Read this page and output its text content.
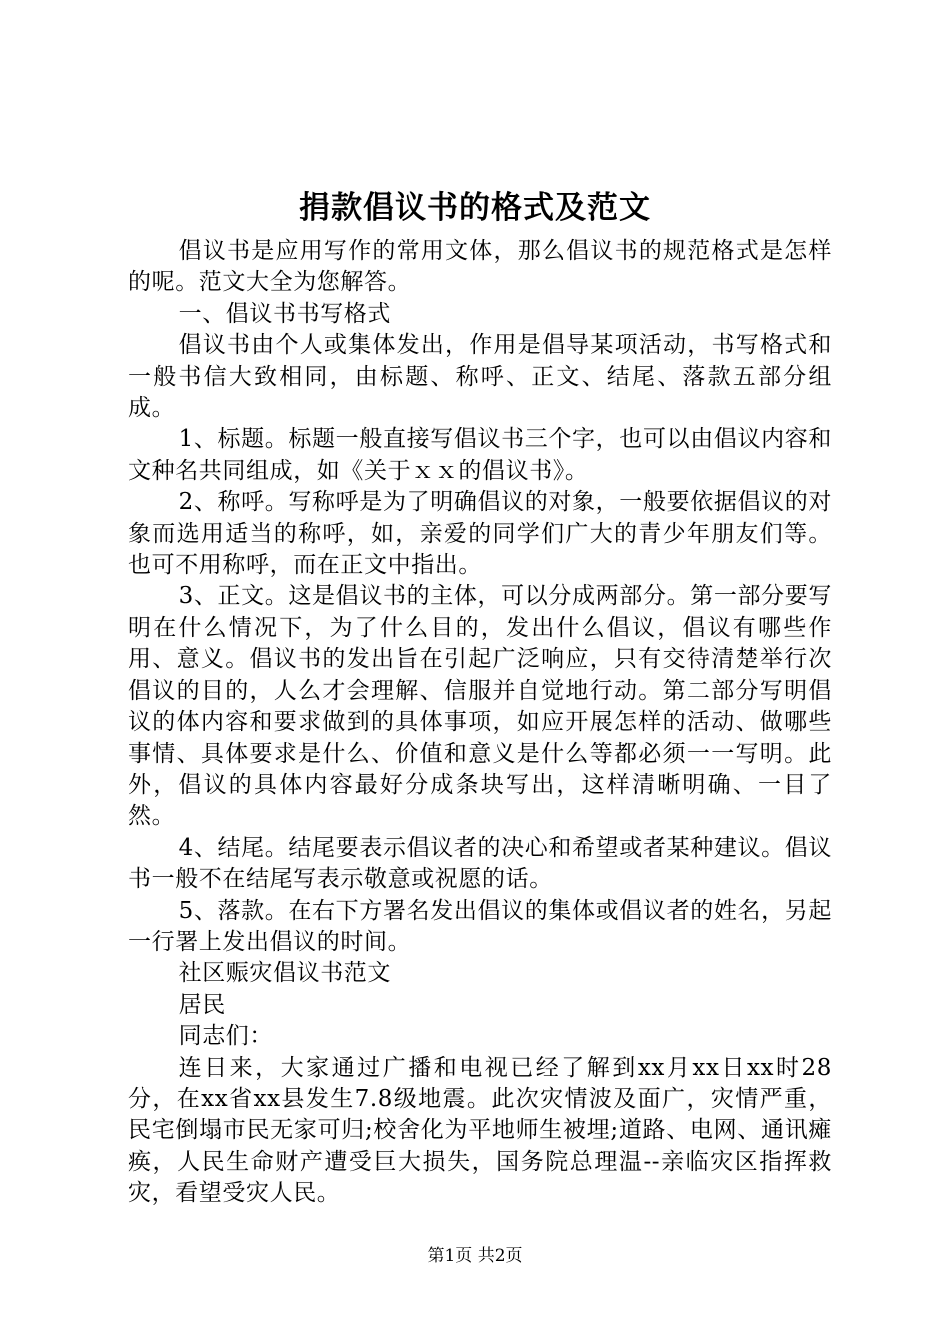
捐款倡议书的格式及范文

倡议书是应用写作的常用文体，那么倡议书的规范格式是怎样的呢。范文大全为您解答。

一、倡议书书写格式

倡议书由个人或集体发出，作用是倡导某项活动，书写格式和一般书信大致相同，由标题、称呼、正文、结尾、落款五部分组成。

1、标题。标题一般直接写倡议书三个字，也可以由倡议内容和文种名共同组成，如《关于ｘｘ的倡议书》。

2、称呼。写称呼是为了明确倡议的对象，一般要依据倡议的对象而选用适当的称呼，如，亲爱的同学们广大的青少年朋友们等。也可不用称呼，而在正文中指出。

3、正文。这是倡议书的主体，可以分成两部分。第一部分要写明在什么情况下，为了什么目的，发出什么倡议，倡议有哪些作用、意义。倡议书的发出旨在引起广泛响应，只有交待清楚举行次倡议的目的，人么才会理解、信服并自觉地行动。第二部分写明倡议的体内容和要求做到的具体事项，如应开展怎样的活动、做哪些事情、具体要求是什么、价值和意义是什么等都必须一一写明。此外，倡议的具体内容最好分成条块写出，这样清晰明确、一目了然。

4、结尾。结尾要表示倡议者的决心和希望或者某种建议。倡议书一般不在结尾写表示敬意或祝愿的话。

5、落款。在右下方署名发出倡议的集体或倡议者的姓名，另起一行署上发出倡议的时间。

社区赈灾倡议书范文

居民

同志们：

连日来，大家通过广播和电视已经了解到xx月xx日xx时28分，在xx省xx县发生7.8级地震。此次灾情波及面广，灾情严重，民宅倒塌市民无家可归;校舍化为平地师生被埋;道路、电网、通讯瘫痪，人民生命财产遭受巨大损失，国务院总理温--亲临灾区指挥救灾，看望受灾人民。

第1页 共2页
